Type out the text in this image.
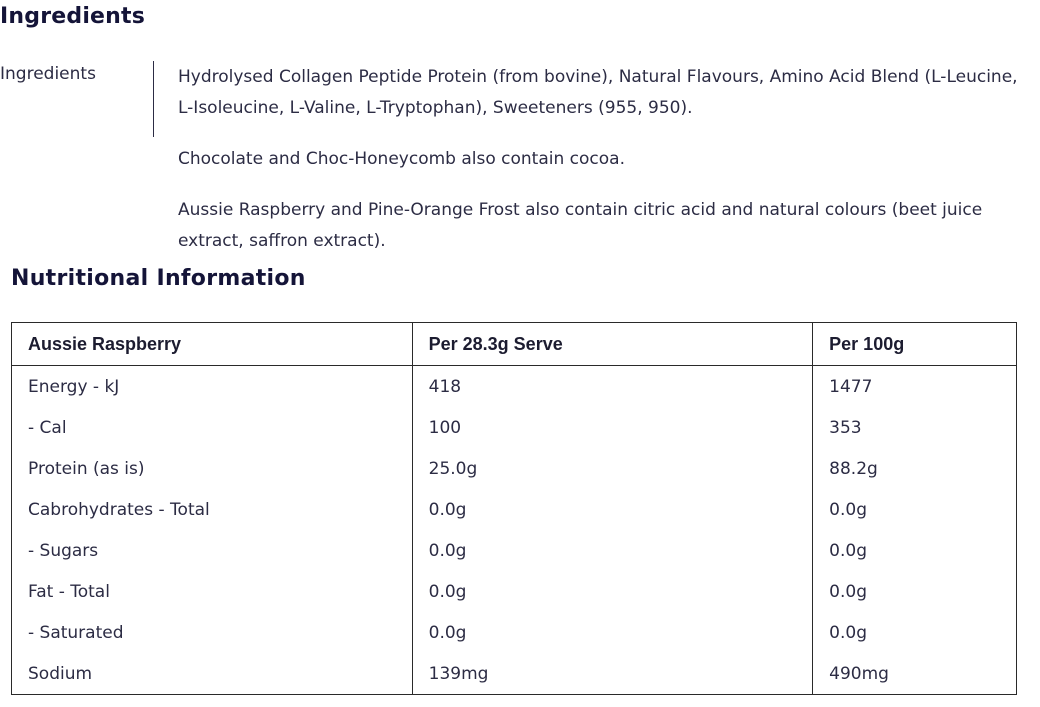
Ingredients
Ingredients	Hydrolysed Collagen Peptide Protein (from bovine), Natural Flavours, Amino Acid Blend (L-Leucine, L-Isoleucine, L-Valine, L-Tryptophan), Sweeteners (955, 950).

Chocolate and Choc-Honeycomb also contain cocoa.

Aussie Raspberry and Pine-Orange Frost also contain citric acid and natural colours (beet juice extract, saffron extract).

Nutritional Information
Aussie Raspberry	Per 28.3g Serve	Per 100g
Energy - kJ	418	1477
- Cal	100	353
Protein (as is)	25.0g	88.2g
Cabrohydrates - Total	0.0g	0.0g
- Sugars	0.0g	0.0g
Fat - Total	0.0g	0.0g
- Saturated	0.0g	0.0g
Sodium	139mg	490mg
